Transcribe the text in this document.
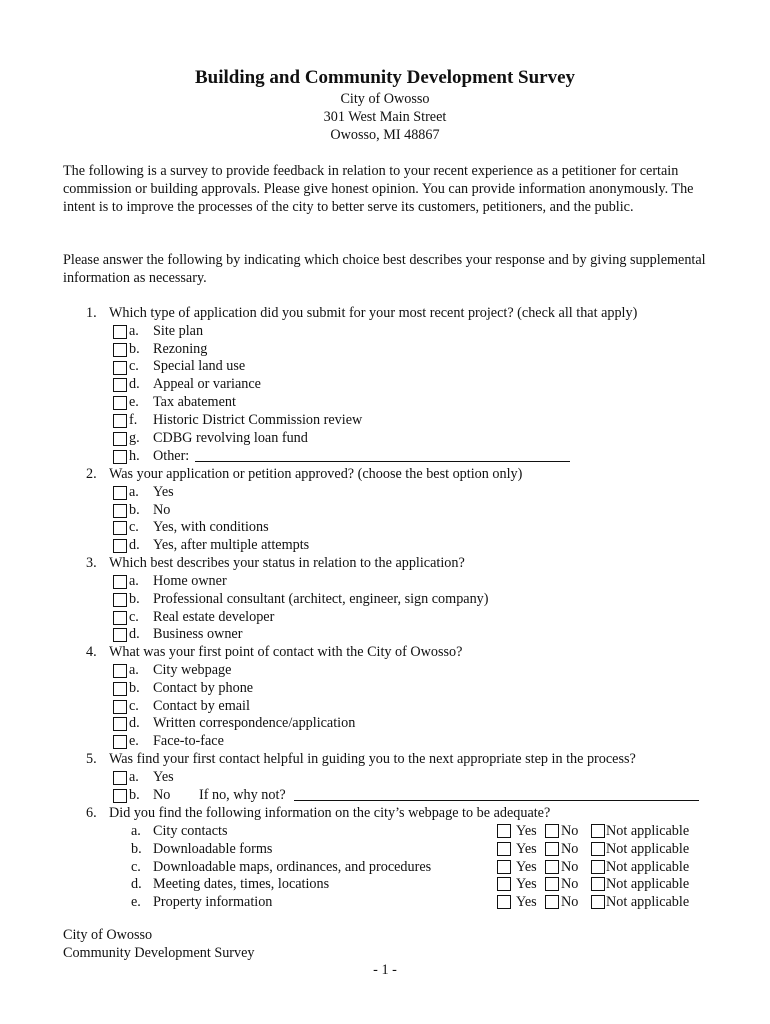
Building and Community Development Survey
City of Owosso
301 West Main Street
Owosso, MI 48867
The following is a survey to provide feedback in relation to your recent experience as a petitioner for certain commission or building approvals. Please give honest opinion. You can provide information anonymously. The intent is to improve the processes of the city to better serve its customers, petitioners, and the public.
Please answer the following by indicating which choice best describes your response and by giving supplemental information as necessary.
1. Which type of application did you submit for your most recent project? (check all that apply)
a. Site plan
b. Rezoning
c. Special land use
d. Appeal or variance
e. Tax abatement
f. Historic District Commission review
g. CDBG revolving loan fund
h. Other:
2. Was your application or petition approved? (choose the best option only)
a. Yes
b. No
c. Yes, with conditions
d. Yes, after multiple attempts
3. Which best describes your status in relation to the application?
a. Home owner
b. Professional consultant (architect, engineer, sign company)
c. Real estate developer
d. Business owner
4. What was your first point of contact with the City of Owosso?
a. City webpage
b. Contact by phone
c. Contact by email
d. Written correspondence/application
e. Face-to-face
5. Was find your first contact helpful in guiding you to the next appropriate step in the process?
a. Yes
b. No If no, why not?
6. Did you find the following information on the city’s webpage to be adequate?
a. City contacts	Yes No Not applicable
b. Downloadable forms	Yes No Not applicable
c. Downloadable maps, ordinances, and procedures	Yes No Not applicable
d. Meeting dates, times, locations	Yes No Not applicable
e. Property information	Yes No Not applicable
City of Owosso
Community Development Survey
- 1 -
